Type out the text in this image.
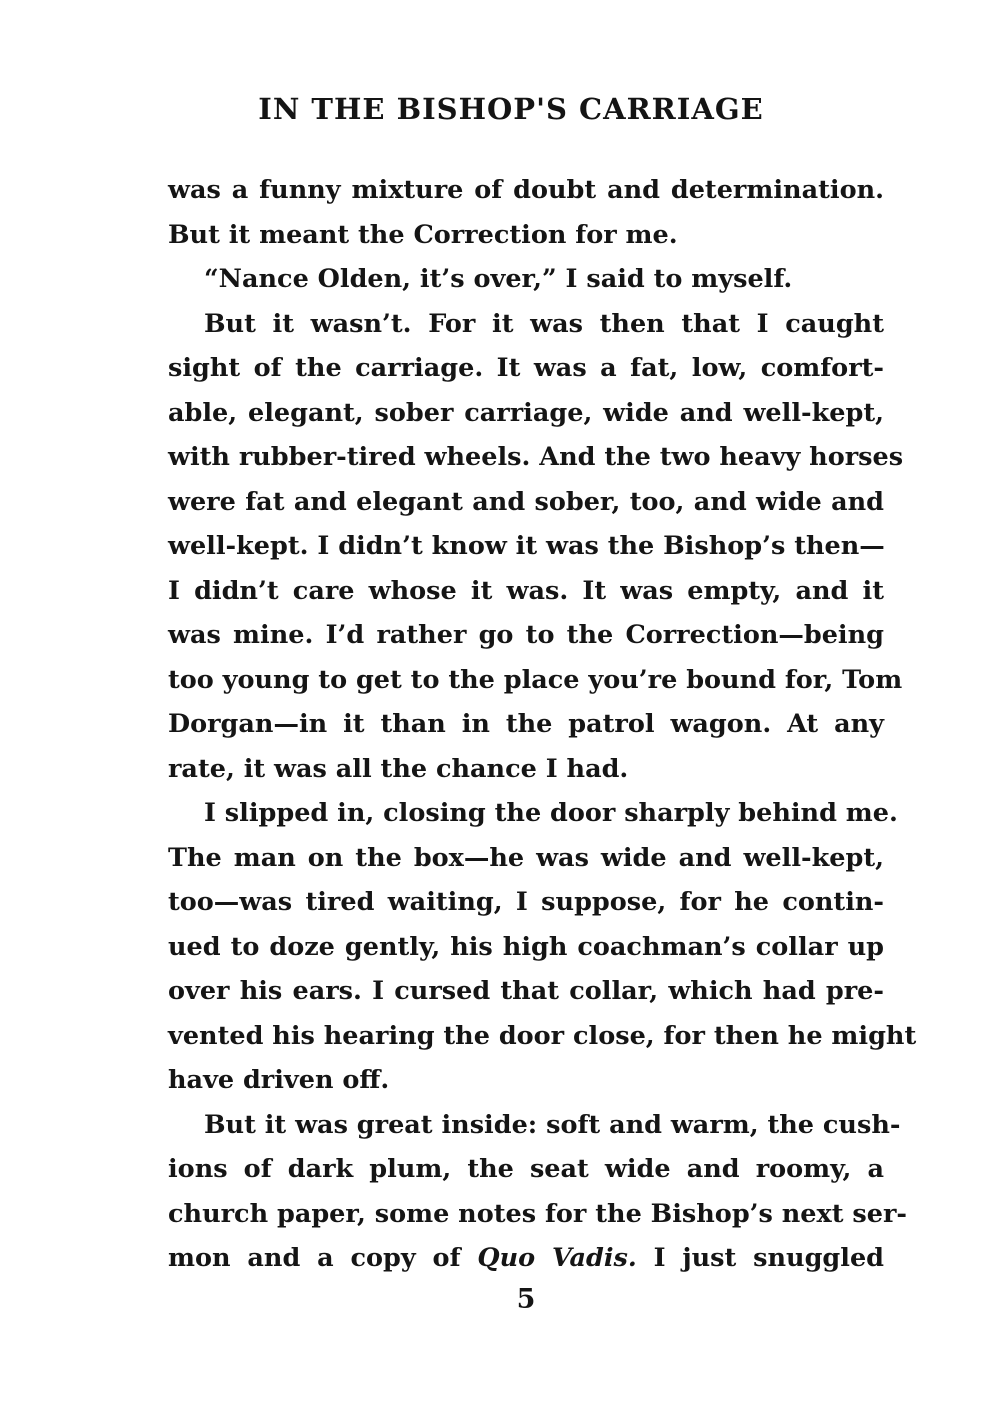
IN THE BISHOP'S CARRIAGE
was a funny mixture of doubt and determination.
But it meant the Correction for me.
“Nance Olden, it’s over,” I said to myself.
But it wasn’t. For it was then that I caught
sight of the carriage. It was a fat, low, comfort-
able, elegant, sober carriage, wide and well-kept,
with rubber-tired wheels. And the two heavy horses
were fat and elegant and sober, too, and wide and
well-kept. I didn’t know it was the Bishop’s then—
I didn’t care whose it was. It was empty, and it
was mine. I’d rather go to the Correction—being
too young to get to the place you’re bound for, Tom
Dorgan—in it than in the patrol wagon. At any
rate, it was all the chance I had.
I slipped in, closing the door sharply behind me.
The man on the box—he was wide and well-kept,
too—was tired waiting, I suppose, for he contin-
ued to doze gently, his high coachman’s collar up
over his ears. I cursed that collar, which had pre-
vented his hearing the door close, for then he might
have driven off.
But it was great inside: soft and warm, the cush-
ions of dark plum, the seat wide and roomy, a
church paper, some notes for the Bishop’s next ser-
mon and a copy of Quo Vadis. I just snuggled
5
